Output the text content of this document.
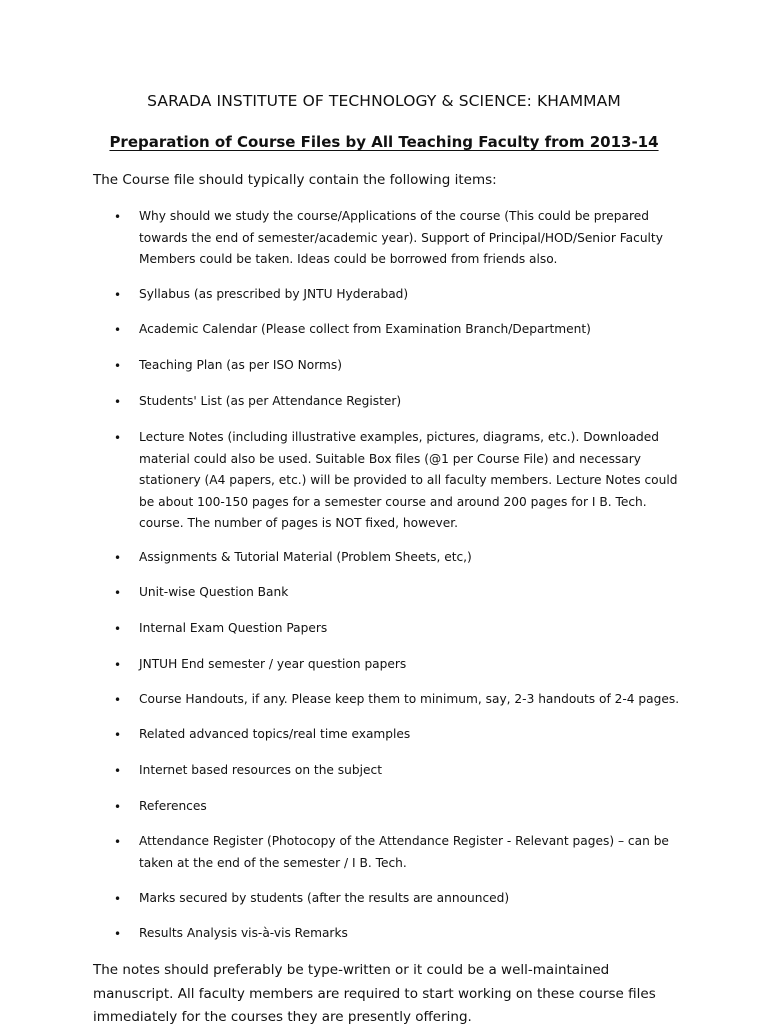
SARADA INSTITUTE OF TECHNOLOGY & SCIENCE: KHAMMAM
Preparation of Course Files by All Teaching Faculty from 2013-14
The Course file should typically contain the following items:
• Why should we study the course/Applications of the course (This could be prepared towards the end of semester/academic year). Support of Principal/HOD/Senior Faculty Members could be taken. Ideas could be borrowed from friends also.
• Syllabus (as prescribed by JNTU Hyderabad)
• Academic Calendar (Please collect from Examination Branch/Department)
• Teaching Plan (as per ISO Norms)
• Students' List (as per Attendance Register)
• Lecture Notes (including illustrative examples, pictures, diagrams, etc.). Downloaded material could also be used. Suitable Box files (@1 per Course File) and necessary stationery (A4 papers, etc.) will be provided to all faculty members. Lecture Notes could be about 100-150 pages for a semester course and around 200 pages for I B. Tech. course. The number of pages is NOT fixed, however.
• Assignments & Tutorial Material (Problem Sheets, etc,)
• Unit-wise Question Bank
• Internal Exam Question Papers
• JNTUH End semester / year question papers
• Course Handouts, if any. Please keep them to minimum, say, 2-3 handouts of 2-4 pages.
• Related advanced topics/real time examples
• Internet based resources on the subject
• References
• Attendance Register (Photocopy of the Attendance Register - Relevant pages) – can be taken at the end of the semester / I B. Tech.
• Marks secured by students (after the results are announced)
• Results Analysis vis-à-vis Remarks
The notes should preferably be type-written or it could be a well-maintained manuscript. All faculty members are required to start working on these course files immediately for the courses they are presently offering.
